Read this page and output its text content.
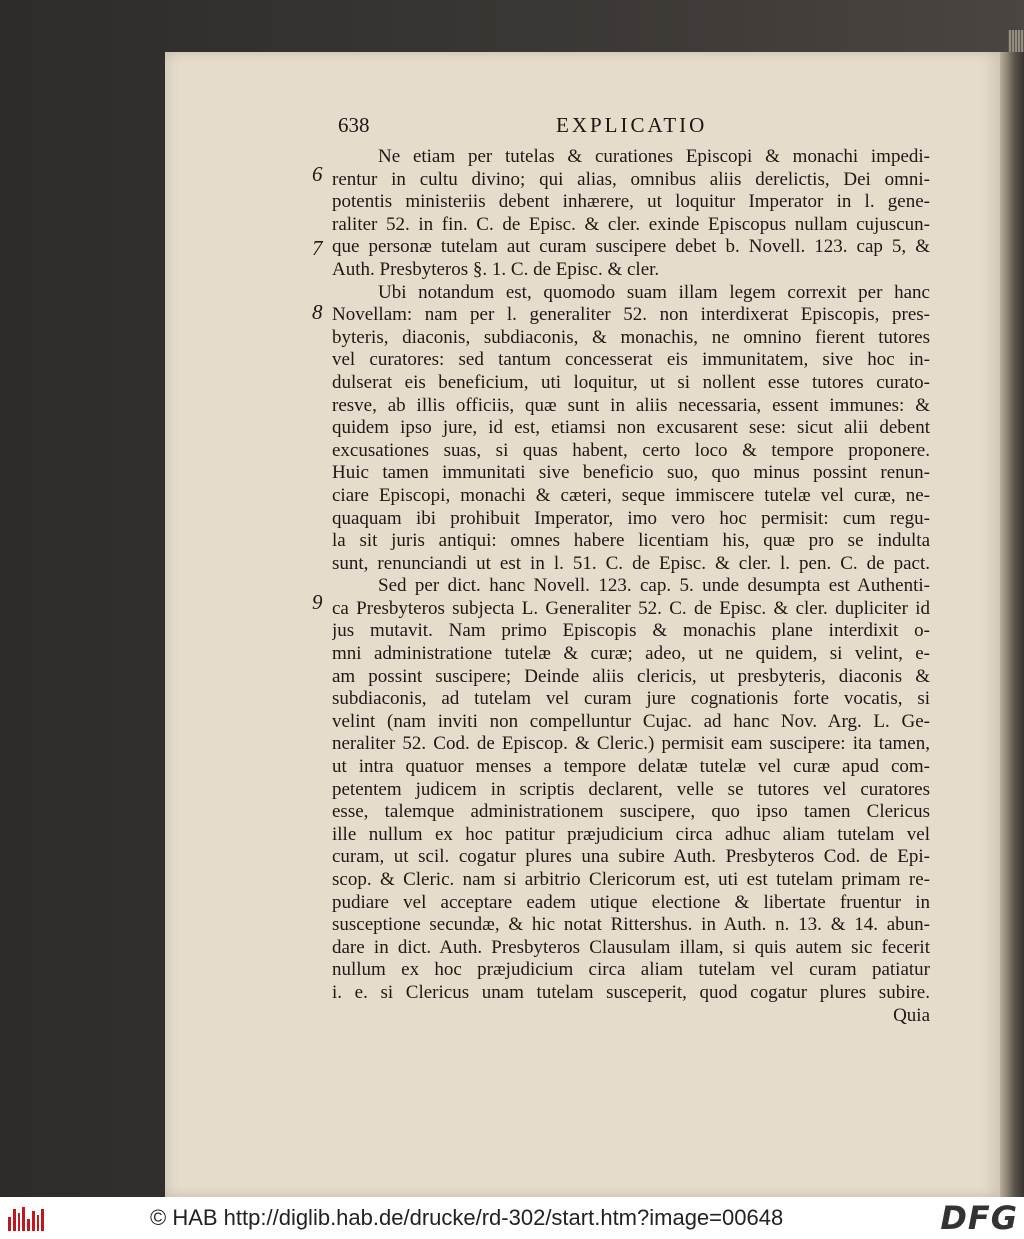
638	EXPLICATIO
6
7
8
9
Ne etiam per tutelas & curationes Episcopi & monachi impedi-
rentur in cultu divino; qui alias, omnibus aliis derelictis, Dei omni-
potentis ministeriis debent inhærere, ut loquitur Imperator in l. gene-
raliter 52. in fin. C. de Episc. & cler. exinde Episcopus nullam cujuscun-
que personæ tutelam aut curam suscipere debet b. Novell. 123. cap 5, &
Auth. Presbyteros §. 1. C. de Episc. & cler.
Ubi notandum est, quomodo suam illam legem correxit per hanc
Novellam: nam per l. generaliter 52. non interdixerat Episcopis, pres-
byteris, diaconis, subdiaconis, & monachis, ne omnino fierent tutores
vel curatores: sed tantum concesserat eis immunitatem, sive hoc in-
dulserat eis beneficium, uti loquitur, ut si nollent esse tutores curato-
resve, ab illis officiis, quæ sunt in aliis necessaria, essent immunes: &
quidem ipso jure, id est, etiamsi non excusarent sese: sicut alii debent
excusationes suas, si quas habent, certo loco & tempore proponere.
Huic tamen immunitati sive beneficio suo, quo minus possint renun-
ciare Episcopi, monachi & cæteri, seque immiscere tutelæ vel curæ, ne-
quaquam ibi prohibuit Imperator, imo vero hoc permisit: cum regu-
la sit juris antiqui: omnes habere licentiam his, quæ pro se indulta
sunt, renunciandi ut est in l. 51. C. de Episc. & cler. l. pen. C. de pact.
Sed per dict. hanc Novell. 123. cap. 5. unde desumpta est Authenti-
ca Presbyteros subjecta L. Generaliter 52. C. de Episc. & cler. dupliciter id
jus mutavit. Nam primo Episcopis & monachis plane interdixit o-
mni administratione tutelæ & curæ; adeo, ut ne quidem, si velint, e-
am possint suscipere; Deinde aliis clericis, ut presbyteris, diaconis &
subdiaconis, ad tutelam vel curam jure cognationis forte vocatis, si
velint (nam inviti non compelluntur Cujac. ad hanc Nov. Arg. L. Ge-
neraliter 52. Cod. de Episcop. & Cleric.) permisit eam suscipere: ita tamen,
ut intra quatuor menses a tempore delatæ tutelæ vel curæ apud com-
petentem judicem in scriptis declarent, velle se tutores vel curatores
esse, talemque administrationem suscipere, quo ipso tamen Clericus
ille nullum ex hoc patitur præjudicium circa adhuc aliam tutelam vel
curam, ut scil. cogatur plures una subire Auth. Presbyteros Cod. de Epi-
scop. & Cleric. nam si arbitrio Clericorum est, uti est tutelam primam re-
pudiare vel acceptare eadem utique electione & libertate fruentur in
susceptione secundæ, & hic notat Rittershus. in Auth. n. 13. & 14. abun-
dare in dict. Auth. Presbyteros Clausulam illam, si quis autem sic fecerit
nullum ex hoc præjudicium circa aliam tutelam vel curam patiatur
i. e. si Clericus unam tutelam susceperit, quod cogatur plures subire.
Quia
© HAB http://diglib.hab.de/drucke/rd-302/start.htm?image=00648	DFG
